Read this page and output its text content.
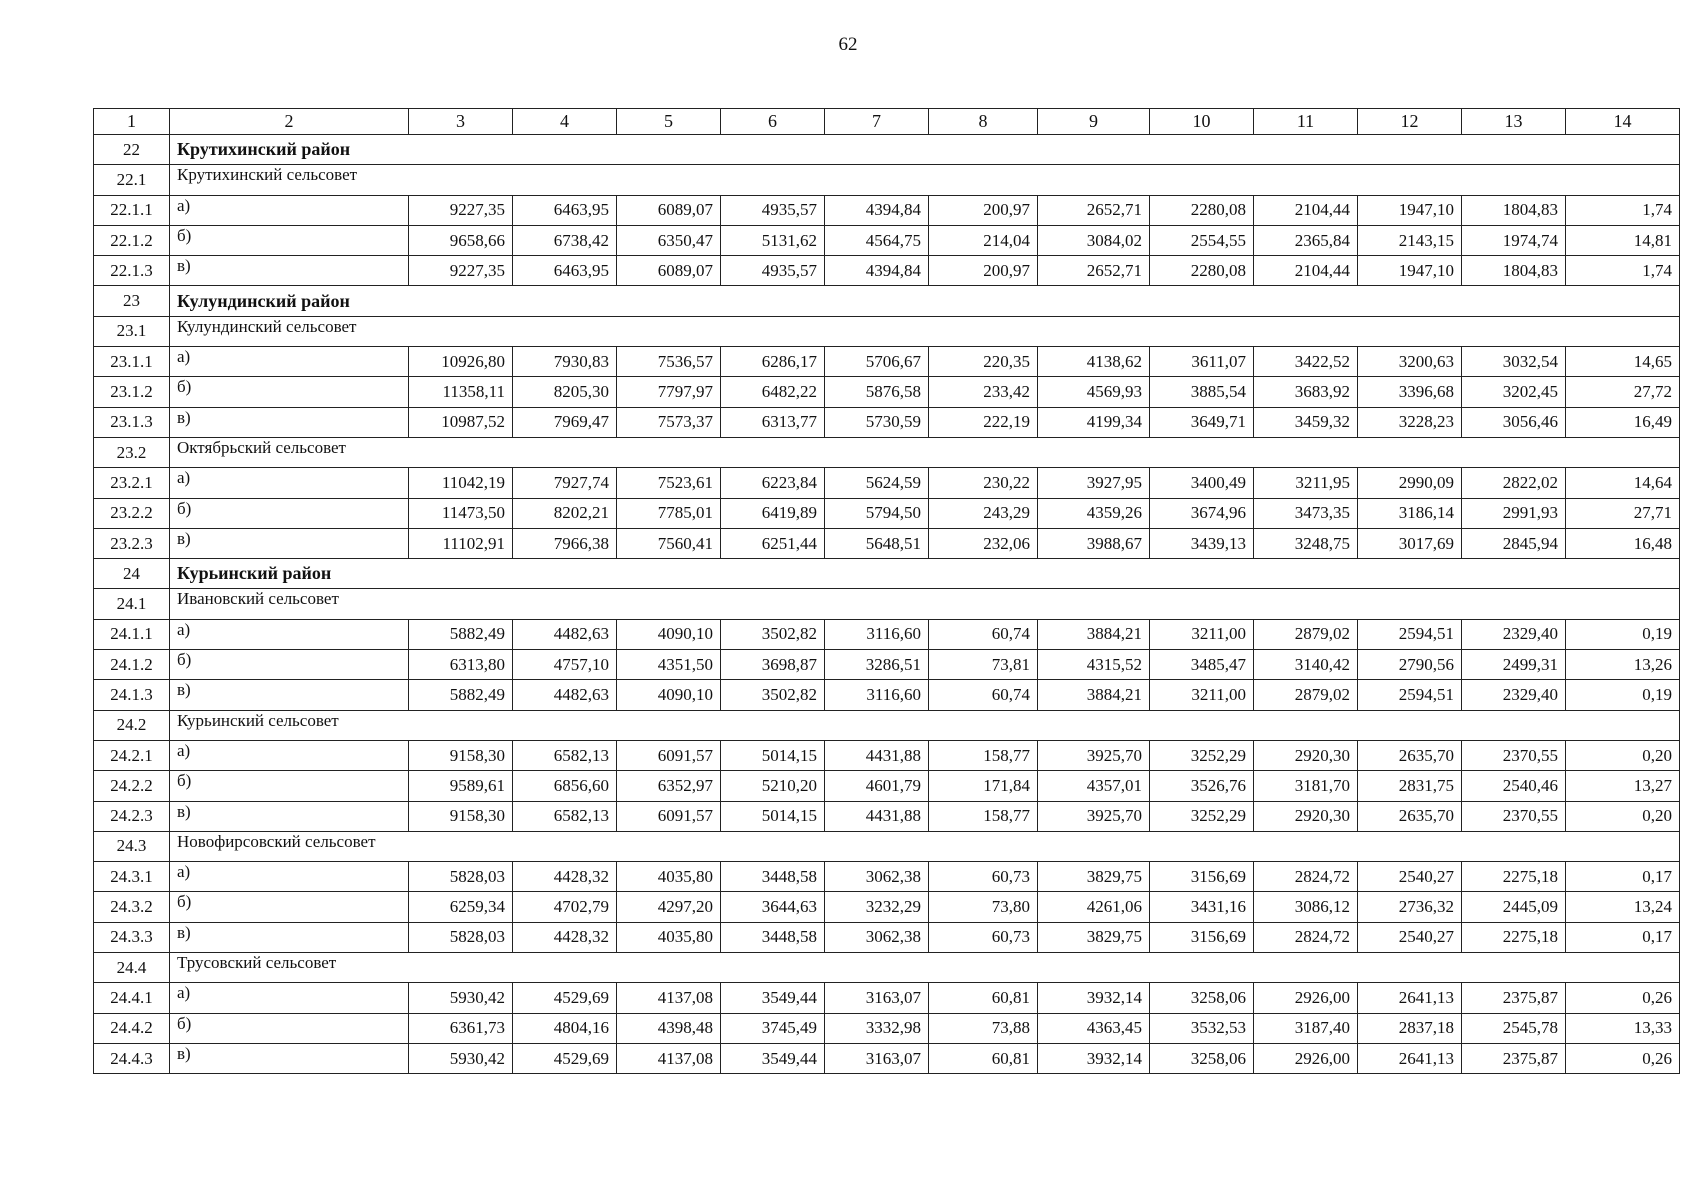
62
1	2	3	4	5	6	7	8	9	10	11	12	13	14
22	Крутихинский район												
22.1	Крутихинский сельсовет												
22.1.1	а)	9227,35	6463,95	6089,07	4935,57	4394,84	200,97	2652,71	2280,08	2104,44	1947,10	1804,83	1,74
22.1.2	б)	9658,66	6738,42	6350,47	5131,62	4564,75	214,04	3084,02	2554,55	2365,84	2143,15	1974,74	14,81
22.1.3	в)	9227,35	6463,95	6089,07	4935,57	4394,84	200,97	2652,71	2280,08	2104,44	1947,10	1804,83	1,74
23	Кулундинский район												
23.1	Кулундинский сельсовет												
23.1.1	а)	10926,80	7930,83	7536,57	6286,17	5706,67	220,35	4138,62	3611,07	3422,52	3200,63	3032,54	14,65
23.1.2	б)	11358,11	8205,30	7797,97	6482,22	5876,58	233,42	4569,93	3885,54	3683,92	3396,68	3202,45	27,72
23.1.3	в)	10987,52	7969,47	7573,37	6313,77	5730,59	222,19	4199,34	3649,71	3459,32	3228,23	3056,46	16,49
23.2	Октябрьский сельсовет												
23.2.1	а)	11042,19	7927,74	7523,61	6223,84	5624,59	230,22	3927,95	3400,49	3211,95	2990,09	2822,02	14,64
23.2.2	б)	11473,50	8202,21	7785,01	6419,89	5794,50	243,29	4359,26	3674,96	3473,35	3186,14	2991,93	27,71
23.2.3	в)	11102,91	7966,38	7560,41	6251,44	5648,51	232,06	3988,67	3439,13	3248,75	3017,69	2845,94	16,48
24	Курьинский район												
24.1	Ивановский сельсовет												
24.1.1	а)	5882,49	4482,63	4090,10	3502,82	3116,60	60,74	3884,21	3211,00	2879,02	2594,51	2329,40	0,19
24.1.2	б)	6313,80	4757,10	4351,50	3698,87	3286,51	73,81	4315,52	3485,47	3140,42	2790,56	2499,31	13,26
24.1.3	в)	5882,49	4482,63	4090,10	3502,82	3116,60	60,74	3884,21	3211,00	2879,02	2594,51	2329,40	0,19
24.2	Курьинский сельсовет												
24.2.1	а)	9158,30	6582,13	6091,57	5014,15	4431,88	158,77	3925,70	3252,29	2920,30	2635,70	2370,55	0,20
24.2.2	б)	9589,61	6856,60	6352,97	5210,20	4601,79	171,84	4357,01	3526,76	3181,70	2831,75	2540,46	13,27
24.2.3	в)	9158,30	6582,13	6091,57	5014,15	4431,88	158,77	3925,70	3252,29	2920,30	2635,70	2370,55	0,20
24.3	Новофирсовский сельсовет												
24.3.1	а)	5828,03	4428,32	4035,80	3448,58	3062,38	60,73	3829,75	3156,69	2824,72	2540,27	2275,18	0,17
24.3.2	б)	6259,34	4702,79	4297,20	3644,63	3232,29	73,80	4261,06	3431,16	3086,12	2736,32	2445,09	13,24
24.3.3	в)	5828,03	4428,32	4035,80	3448,58	3062,38	60,73	3829,75	3156,69	2824,72	2540,27	2275,18	0,17
24.4	Трусовский сельсовет												
24.4.1	а)	5930,42	4529,69	4137,08	3549,44	3163,07	60,81	3932,14	3258,06	2926,00	2641,13	2375,87	0,26
24.4.2	б)	6361,73	4804,16	4398,48	3745,49	3332,98	73,88	4363,45	3532,53	3187,40	2837,18	2545,78	13,33
24.4.3	в)	5930,42	4529,69	4137,08	3549,44	3163,07	60,81	3932,14	3258,06	2926,00	2641,13	2375,87	0,26
